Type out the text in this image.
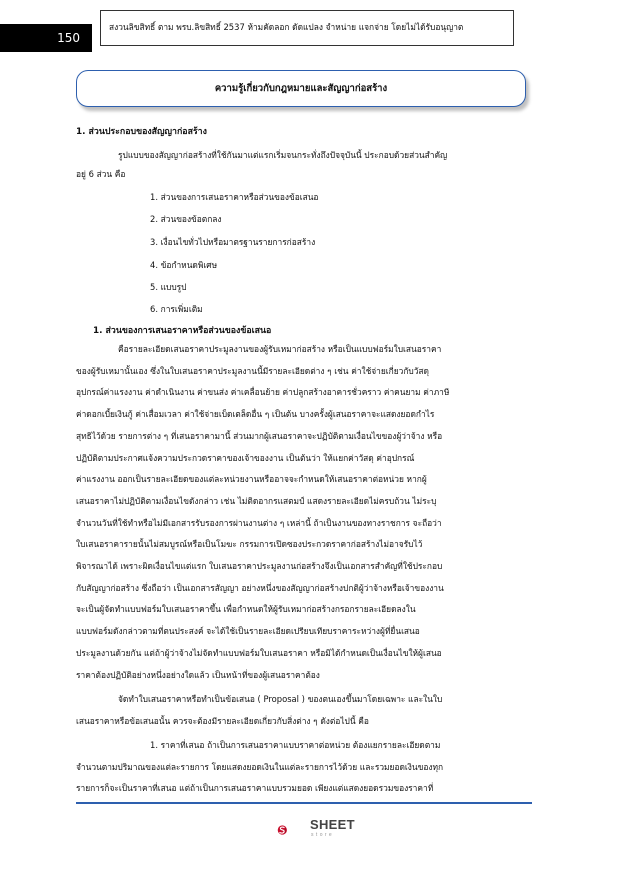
150
สงวนลิขสิทธิ์ ตาม พรบ.ลิขสิทธิ์ 2537 ห้ามคัดลอก ดัดแปลง จำหน่าย แจกจ่าย โดยไม่ได้รับอนุญาต
ความรู้เกี่ยวกับกฎหมายและสัญญาก่อสร้าง
1. ส่วนประกอบของสัญญาก่อสร้าง
รูปแบบของสัญญาก่อสร้างที่ใช้กันมาแต่แรกเริ่มจนกระทั่งถึงปัจจุบันนี้ ประกอบด้วยส่วนสำคัญ
อยู่ 6 ส่วน คือ
1. ส่วนของการเสนอราคาหรือส่วนของข้อเสนอ
2. ส่วนของข้อตกลง
3. เงื่อนไขทั่วไปหรือมาตรฐานรายการก่อสร้าง
4. ข้อกำหนดพิเศษ
5. แบบรูป
6. การเพิ่มเติม
1. ส่วนของการเสนอราคาหรือส่วนของข้อเสนอ
คือรายละเอียดเสนอราคาประมูลงานของผู้รับเหมาก่อสร้าง หรือเป็นแบบฟอร์มใบเสนอราคา
ของผู้รับเหมานั้นเอง ซึ่งในใบเสนอราคาประมูลงานนี้มีรายละเอียดต่าง ๆ เช่น ค่าใช้จ่ายเกี่ยวกับวัสดุ
อุปกรณ์ค่าแรงงาน ค่าดำเนินงาน ค่าขนส่ง ค่าเคลื่อนย้าย ค่าปลูกสร้างอาคารชั่วคราว ค่าคนยาม ค่าภาษี
ค่าดอกเบี้ยเงินกู้ ค่าเสื่อมเวลา ค่าใช้จ่ายเบ็ดเตล็ดอื่น ๆ เป็นต้น บางครั้งผู้เสนอราคาจะแสดงยอดกำไร
สุทธิไว้ด้วย รายการต่าง ๆ ที่เสนอราคามานี้ ส่วนมากผู้เสนอราคาจะปฏิบัติตามเงื่อนไขของผู้ว่าจ้าง หรือ
ปฏิบัติตามประกาศแจ้งความประกวดราคาของเจ้าของงาน เป็นต้นว่า ให้แยกค่าวัสดุ ค่าอุปกรณ์
ค่าแรงงาน ออกเป็นรายละเอียดของแต่ละหน่วยงานหรืออาจจะกำหนดให้เสนอราคาต่อหน่วย หากผู้
เสนอราคาไม่ปฏิบัติตามเงื่อนไขดังกล่าว เช่น ไม่ติดอากรแสตมป์ แสดงรายละเอียดไม่ครบถ้วน ไม่ระบุ
จำนวนวันที่ใช้ทำหรือไม่มีเอกสารรับรองการผ่านงานต่าง ๆ เหล่านี้ ถ้าเป็นงานของทางราชการ จะถือว่า
ใบเสนอราคารายนั้นไม่สมบูรณ์หรือเป็นโมฆะ กรรมการเปิดซองประกวดราคาก่อสร้างไม่อาจรับไว้
พิจารณาได้ เพราะผิดเงื่อนไขแต่แรก ใบเสนอราคาประมูลงานก่อสร้างจึงเป็นเอกสารสำคัญที่ใช้ประกอบ
กับสัญญาก่อสร้าง ซึ่งถือว่า เป็นเอกสารสัญญา อย่างหนึ่งของสัญญาก่อสร้างปกติผู้ว่าจ้างหรือเจ้าของงาน
จะเป็นผู้จัดทำแบบฟอร์มใบเสนอราคาขึ้น เพื่อกำหนดให้ผู้รับเหมาก่อสร้างกรอกรายละเอียดลงใน
แบบฟอร์มดังกล่าวตามที่ตนประสงค์ จะได้ใช้เป็นรายละเอียดเปรียบเทียบราคาระหว่างผู้ที่ยื่นเสนอ
ประมูลงานด้วยกัน แต่ถ้าผู้ว่าจ้างไม่จัดทำแบบฟอร์มใบเสนอราคา หรือมิได้กำหนดเป็นเงื่อนไขให้ผู้เสนอ
ราคาต้องปฏิบัติอย่างหนึ่งอย่างใดแล้ว เป็นหน้าที่ของผู้เสนอราคาต้อง
จัดทำใบเสนอราคาหรือทำเป็นข้อเสนอ ( Proposal ) ของตนเองขึ้นมาโดยเฉพาะ และในใบ
เสนอราคาหรือข้อเสนอนั้น ควรจะต้องมีรายละเอียดเกี่ยวกับสิ่งต่าง ๆ ดังต่อไปนี้ คือ
1. ราคาที่เสนอ ถ้าเป็นการเสนอราคาแบบราคาต่อหน่วย ต้องแยกรายละเอียดตาม
จำนวนตามปริมาณของแต่ละรายการ โดยแสดงยอดเงินในแต่ละรายการไว้ด้วย และรวมยอดเงินของทุก
รายการก็จะเป็นราคาที่เสนอ แต่ถ้าเป็นการเสนอราคาแบบรวมยอด เพียงแต่แสดงยอดรวมของราคาที่
SHEET
store
